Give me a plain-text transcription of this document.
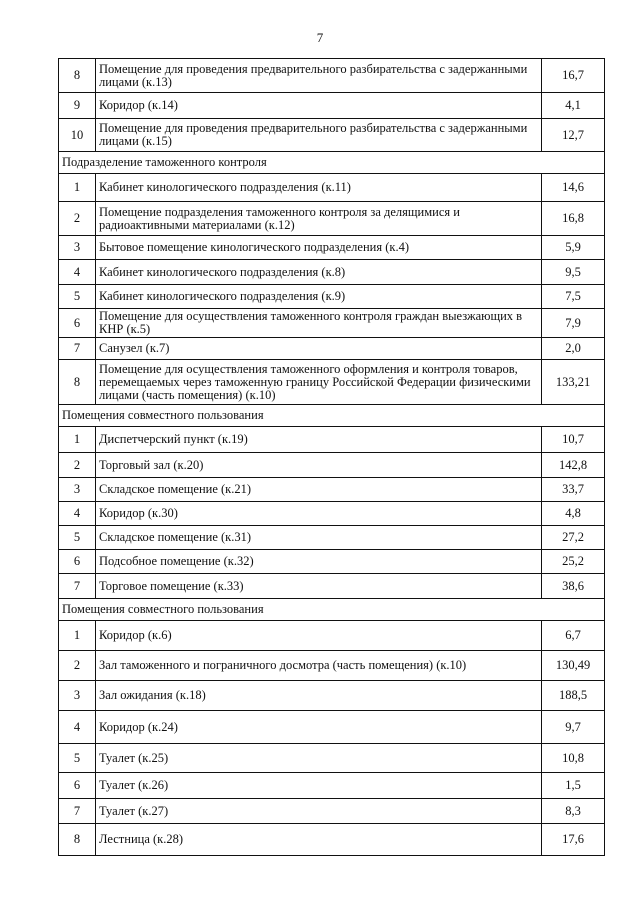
7
8	Помещение для проведения предварительного разбирательства с задержанными лицами (к.13)	16,7
9	Коридор (к.14)	4,1
10	Помещение для проведения предварительного разбирательства с задержанными лицами (к.15)	12,7
Подразделение таможенного контроля		
1	Кабинет кинологического подразделения (к.11)	14,6
2	Помещение подразделения таможенного контроля за делящимися и радиоактивными материалами (к.12)	16,8
3	Бытовое помещение кинологического подразделения (к.4)	5,9
4	Кабинет кинологического подразделения (к.8)	9,5
5	Кабинет кинологического подразделения (к.9)	7,5
6	Помещение для осуществления таможенного контроля граждан выезжающих в КНР (к.5)	7,9
7	Санузел (к.7)	2,0
8	Помещение для осуществления таможенного оформления и контроля товаров, перемещаемых через таможенную границу Российской Федерации физическими лицами (часть помещения) (к.10)	133,21
Помещения совместного пользования		
1	Диспетчерский пункт (к.19)	10,7
2	Торговый зал (к.20)	142,8
3	Складское помещение (к.21)	33,7
4	Коридор (к.30)	4,8
5	Складское помещение (к.31)	27,2
6	Подсобное помещение (к.32)	25,2
7	Торговое помещение (к.33)	38,6
Помещения совместного пользования		
1	Коридор (к.6)	6,7
2	Зал таможенного и пограничного досмотра (часть помещения) (к.10)	130,49
3	Зал ожидания (к.18)	188,5
4	Коридор (к.24)	9,7
5	Туалет (к.25)	10,8
6	Туалет (к.26)	1,5
7	Туалет (к.27)	8,3
8	Лестница (к.28)	17,6
